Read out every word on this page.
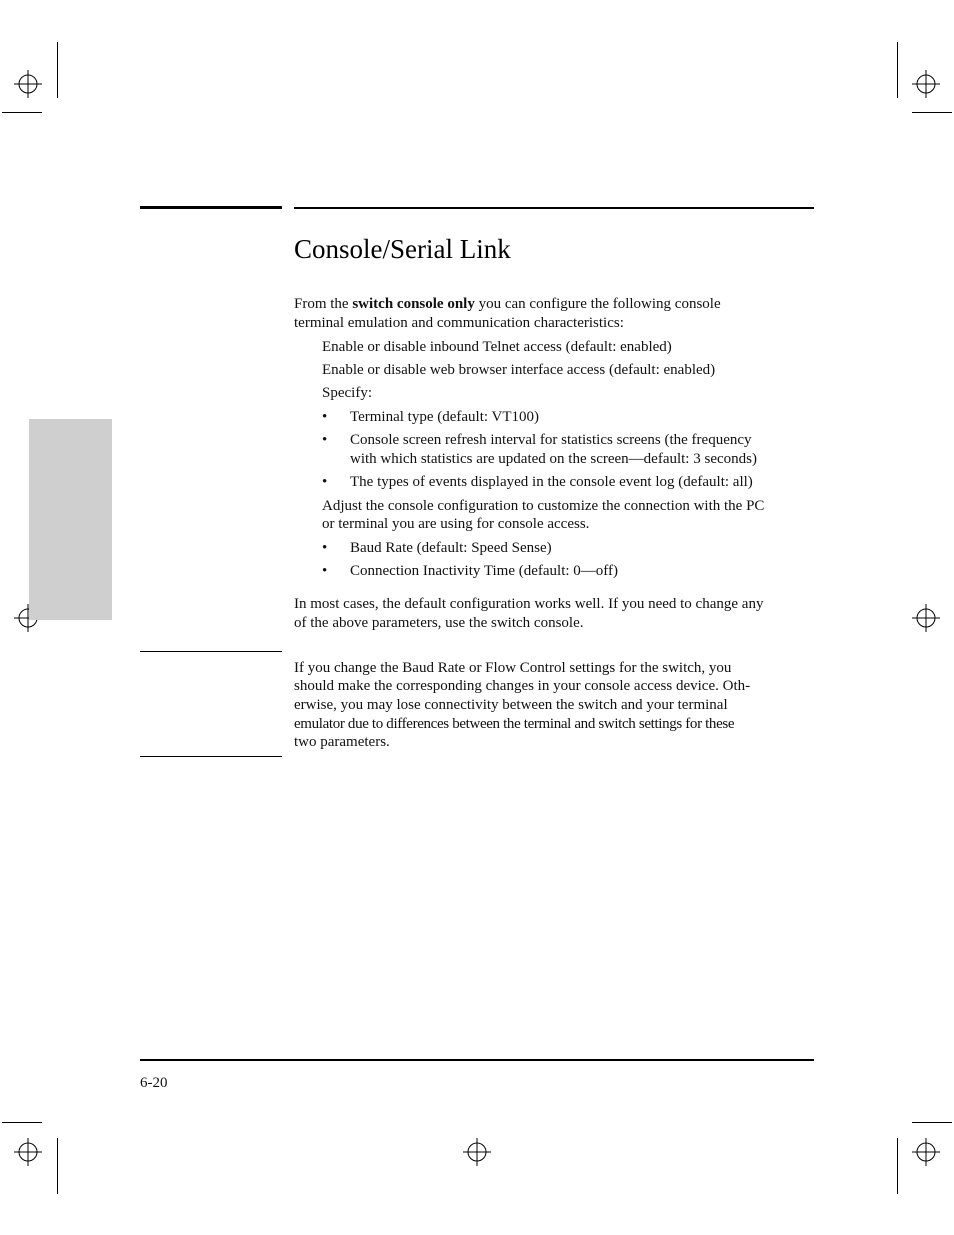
Console/Serial Link
From the switch console only you can configure the following console
terminal emulation and communication characteristics:
Enable or disable inbound Telnet access (default: enabled)
Enable or disable web browser interface access (default: enabled)
Specify:
• Terminal type (default: VT100)
• Console screen refresh interval for statistics screens (the frequency
with which statistics are updated on the screen—default: 3 seconds)
• The types of events displayed in the console event log (default: all)
Adjust the console configuration to customize the connection with the PC
or terminal you are using for console access.
• Baud Rate (default: Speed Sense)
• Connection Inactivity Time (default: 0—off)
In most cases, the default configuration works well. If you need to change any
of the above parameters, use the switch console.
If you change the Baud Rate or Flow Control settings for the switch, you
should make the corresponding changes in your console access device. Oth-
erwise, you may lose connectivity between the switch and your terminal
emulator due to differences between the terminal and switch settings for these
two parameters.
6-20
